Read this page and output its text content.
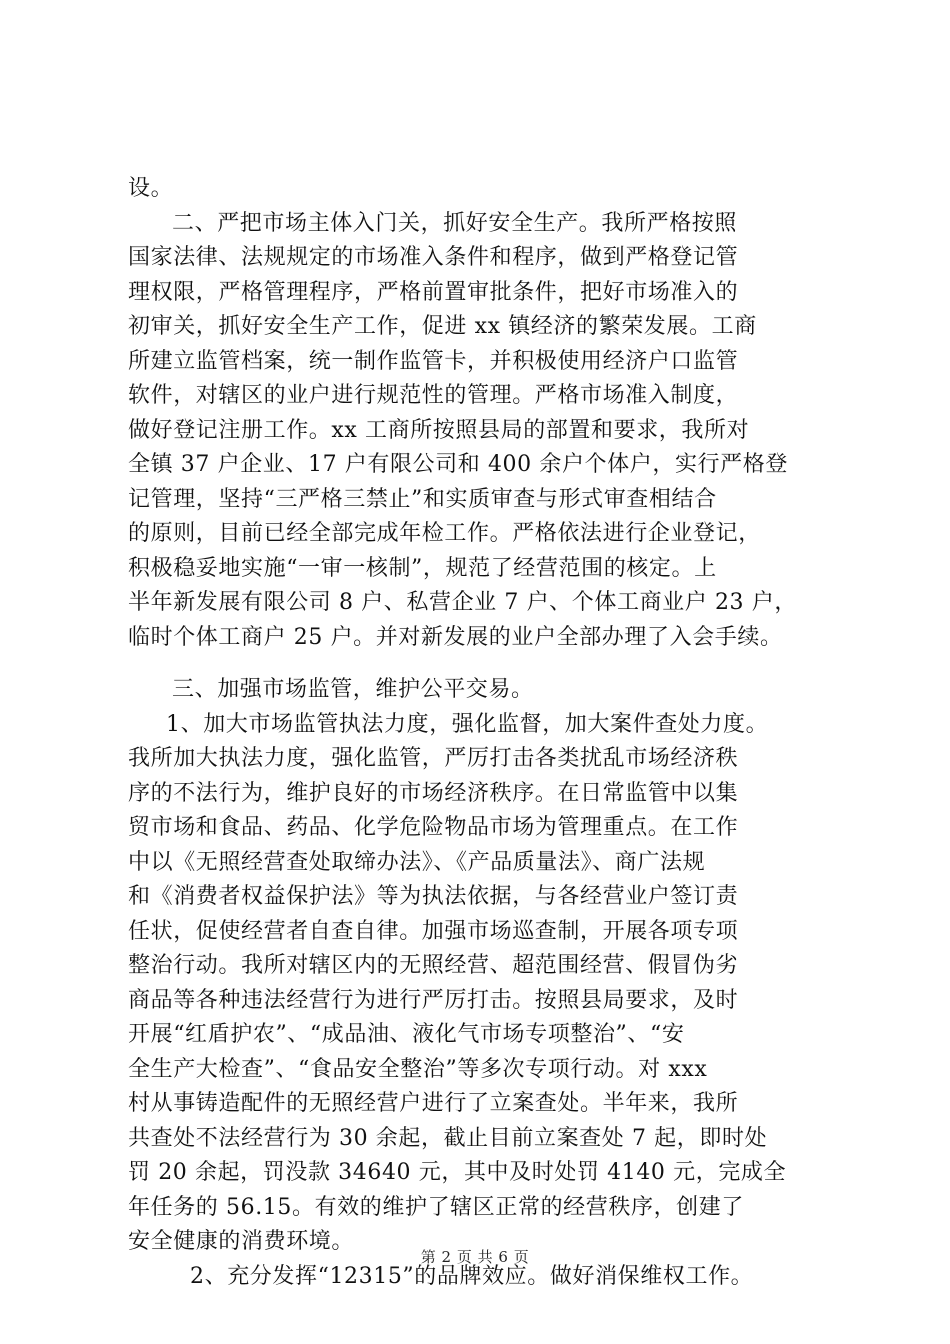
设。
二、严把市场主体入门关，抓好安全生产。我所严格按照
国家法律、法规规定的市场准入条件和程序，做到严格登记管
理权限，严格管理程序，严格前置审批条件，把好市场准入的
初审关，抓好安全生产工作，促进 xx 镇经济的繁荣发展。工商
所建立监管档案，统一制作监管卡，并积极使用经济户口监管
软件，对辖区的业户进行规范性的管理。严格市场准入制度，
做好登记注册工作。xx 工商所按照县局的部置和要求，我所对
全镇 37 户企业、17 户有限公司和 400 余户个体户，实行严格登
记管理，坚持“三严格三禁止”和实质审查与形式审查相结合
的原则，目前已经全部完成年检工作。严格依法进行企业登记，
积极稳妥地实施“一审一核制”，规范了经营范围的核定。上
半年新发展有限公司 8 户、私营企业 7 户、个体工商业户 23 户，
临时个体工商户 25 户。并对新发展的业户全部办理了入会手续。
三、加强市场监管，维护公平交易。
1、加大市场监管执法力度，强化监督，加大案件查处力度。
我所加大执法力度，强化监管，严厉打击各类扰乱市场经济秩
序的不法行为，维护良好的市场经济秩序。在日常监管中以集
贸市场和食品、药品、化学危险物品市场为管理重点。在工作
中以《无照经营查处取缔办法》、《产品质量法》、商广法规
和《消费者权益保护法》等为执法依据，与各经营业户签订责
任状，促使经营者自查自律。加强市场巡查制，开展各项专项
整治行动。我所对辖区内的无照经营、超范围经营、假冒伪劣
商品等各种违法经营行为进行严厉打击。按照县局要求，及时
开展“红盾护农”、“成品油、液化气市场专项整治”、“安
全生产大检查”、“食品安全整治”等多次专项行动。对 xxx
村从事铸造配件的无照经营户进行了立案查处。半年来，我所
共查处不法经营行为 30 余起，截止目前立案查处 7 起，即时处
罚 20 余起，罚没款 34640 元，其中及时处罚 4140 元，完成全
年任务的 56.15。有效的维护了辖区正常的经营秩序，创建了
安全健康的消费环境。
2、充分发挥“12315”的品牌效应。做好消保维权工作。
第 2 页 共 6 页
